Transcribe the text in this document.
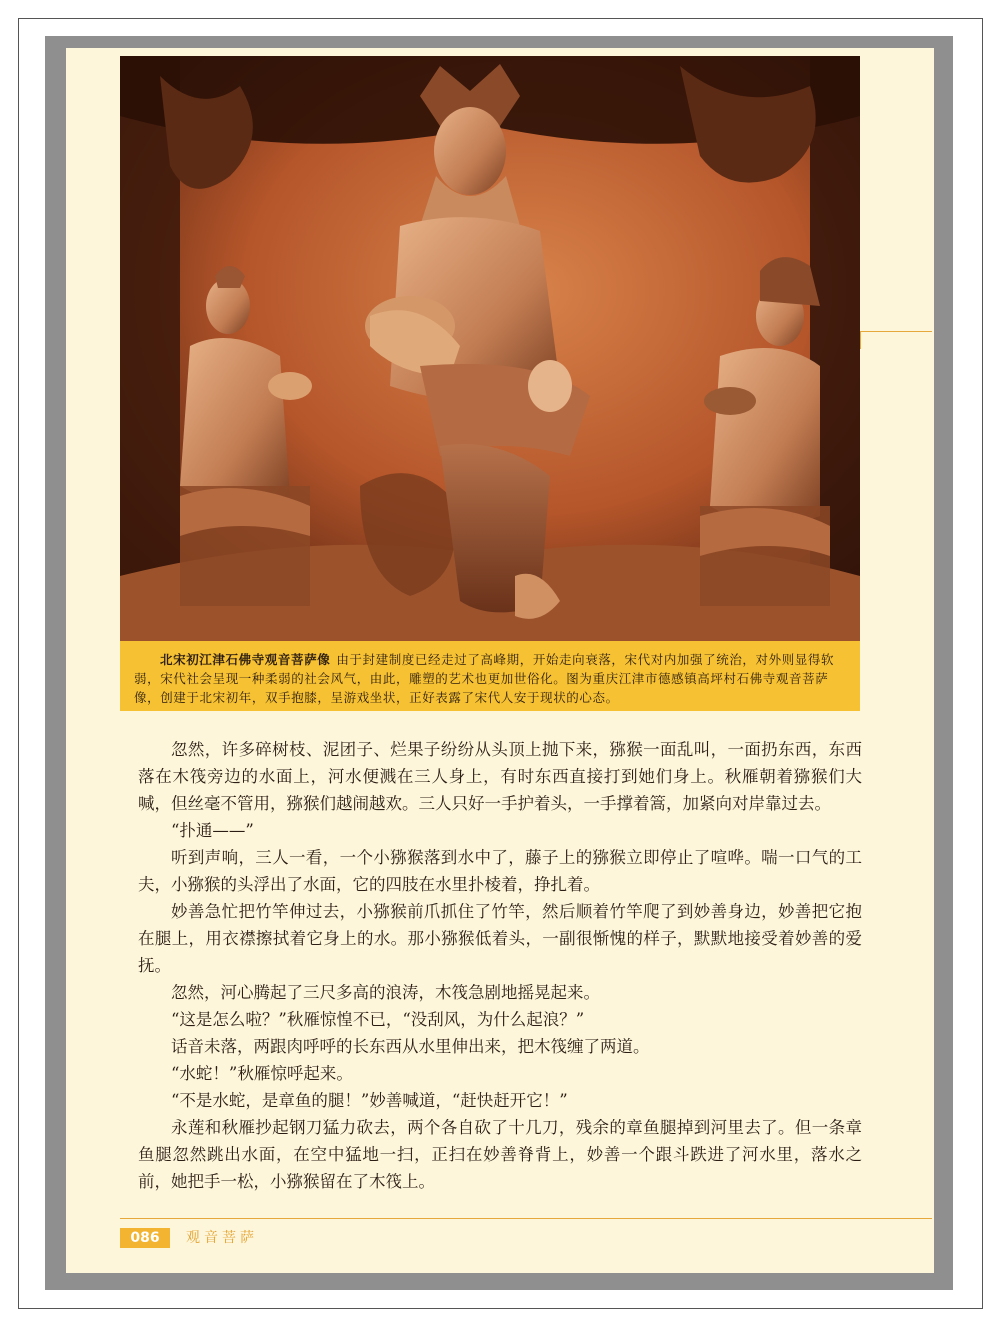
北宋初江津石佛寺观音菩萨像 由于封建制度已经走过了高峰期，开始走向衰落，宋代对内加强了统治，对外则显得软弱，宋代社会呈现一种柔弱的社会风气，由此，雕塑的艺术也更加世俗化。图为重庆江津市德感镇高坪村石佛寺观音菩萨像，创建于北宋初年，双手抱膝，呈游戏坐状，正好表露了宋代人安于现状的心态。

忽然，许多碎树枝、泥团子、烂果子纷纷从头顶上抛下来，猕猴一面乱叫，一面扔东西，东西落在木筏旁边的水面上，河水便溅在三人身上，有时东西直接打到她们身上。秋雁朝着猕猴们大喊，但丝毫不管用，猕猴们越闹越欢。三人只好一手护着头，一手撑着篙，加紧向对岸靠过去。

“扑通——”

听到声响，三人一看，一个小猕猴落到水中了，藤子上的猕猴立即停止了喧哗。喘一口气的工夫，小猕猴的头浮出了水面，它的四肢在水里扑棱着，挣扎着。

妙善急忙把竹竿伸过去，小猕猴前爪抓住了竹竿，然后顺着竹竿爬了到妙善身边，妙善把它抱在腿上，用衣襟擦拭着它身上的水。那小猕猴低着头，一副很惭愧的样子，默默地接受着妙善的爱抚。

忽然，河心腾起了三尺多高的浪涛，木筏急剧地摇晃起来。

“这是怎么啦？”秋雁惊惶不已，“没刮风，为什么起浪？”

话音未落，两跟肉呼呼的长东西从水里伸出来，把木筏缠了两道。

“水蛇！”秋雁惊呼起来。

“不是水蛇，是章鱼的腿！”妙善喊道，“赶快赶开它！”

永莲和秋雁抄起钢刀猛力砍去，两个各自砍了十几刀，残余的章鱼腿掉到河里去了。但一条章鱼腿忽然跳出水面，在空中猛地一扫，正扫在妙善脊背上，妙善一个跟斗跌进了河水里，落水之前，她把手一松，小猕猴留在了木筏上。

086	观音菩萨
